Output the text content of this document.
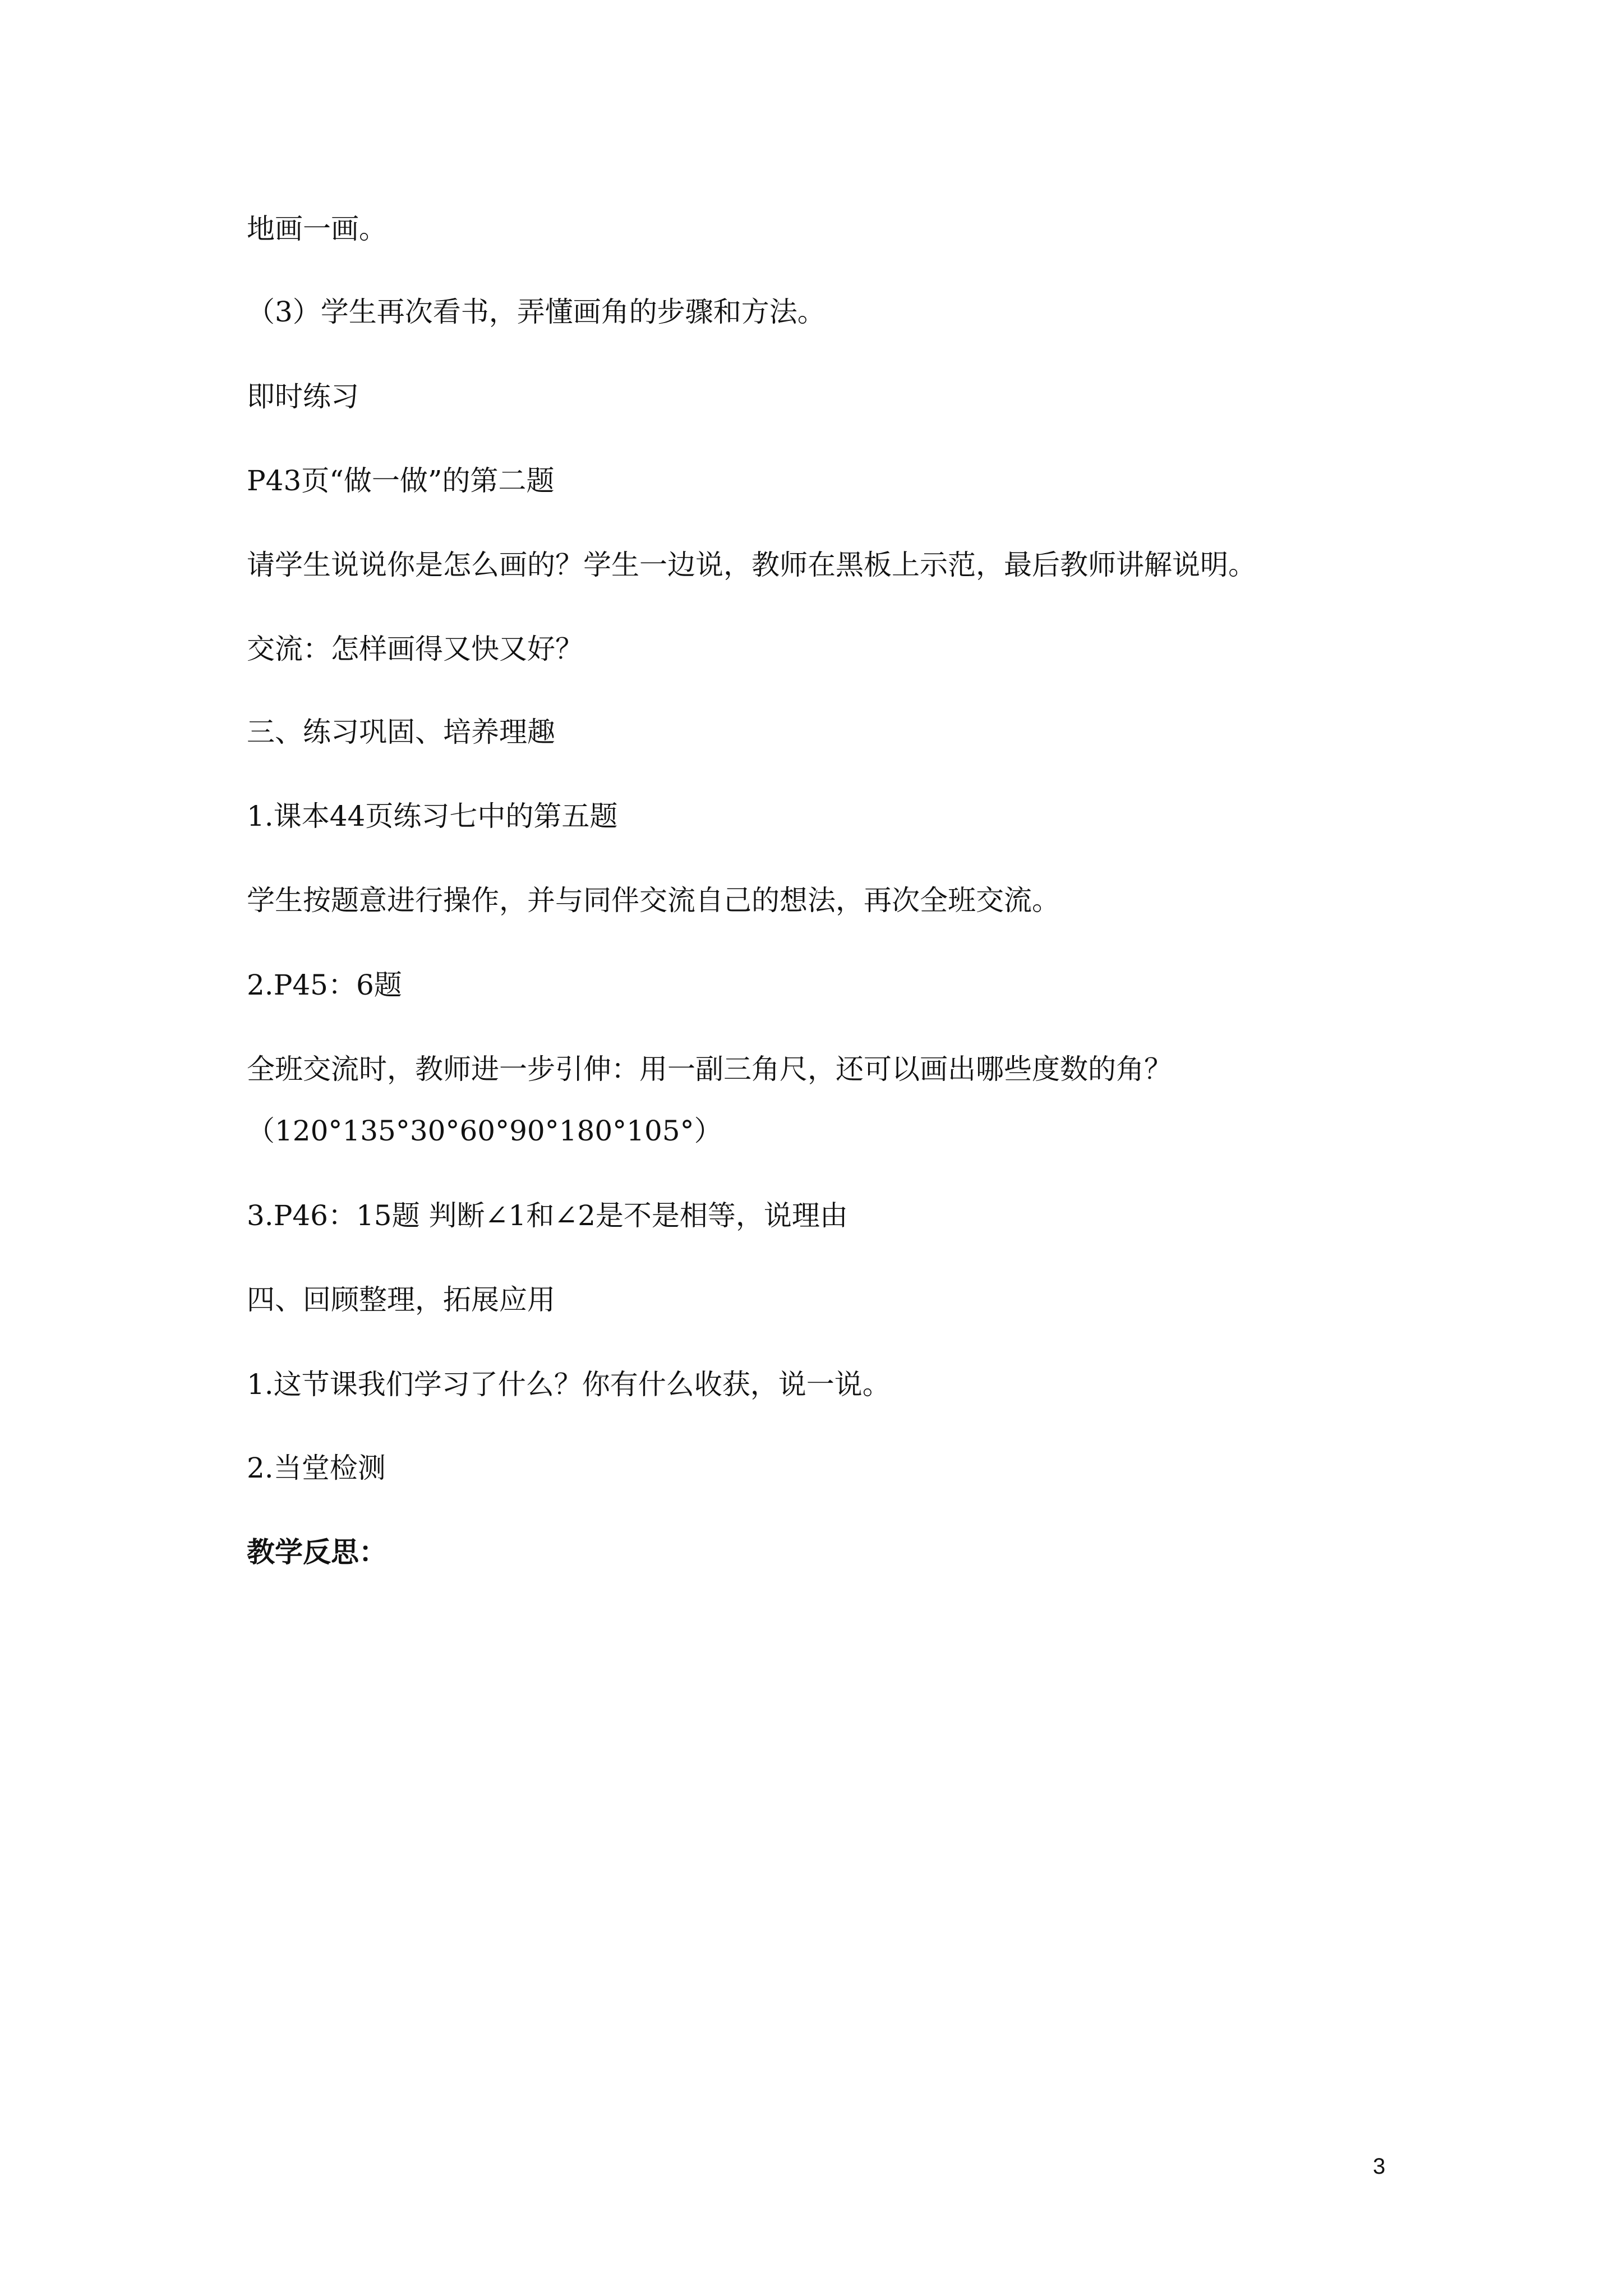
地画一画。

（3）学生再次看书，弄懂画角的步骤和方法。

即时练习

P43页“做一做”的第二题

请学生说说你是怎么画的？学生一边说，教师在黑板上示范，最后教师讲解说明。

交流：怎样画得又快又好？

三、练习巩固、培养理趣

1.课本44页练习七中的第五题

学生按题意进行操作，并与同伴交流自己的想法，再次全班交流。

2.P45：6题

全班交流时，教师进一步引伸：用一副三角尺，还可以画出哪些度数的角？

（120°135°30°60°90°180°105°）

3.P46：15题 判断∠1和∠2是不是相等，说理由

四、回顾整理，拓展应用

1.这节课我们学习了什么？你有什么收获，说一说。

2.当堂检测

教学反思：

3
